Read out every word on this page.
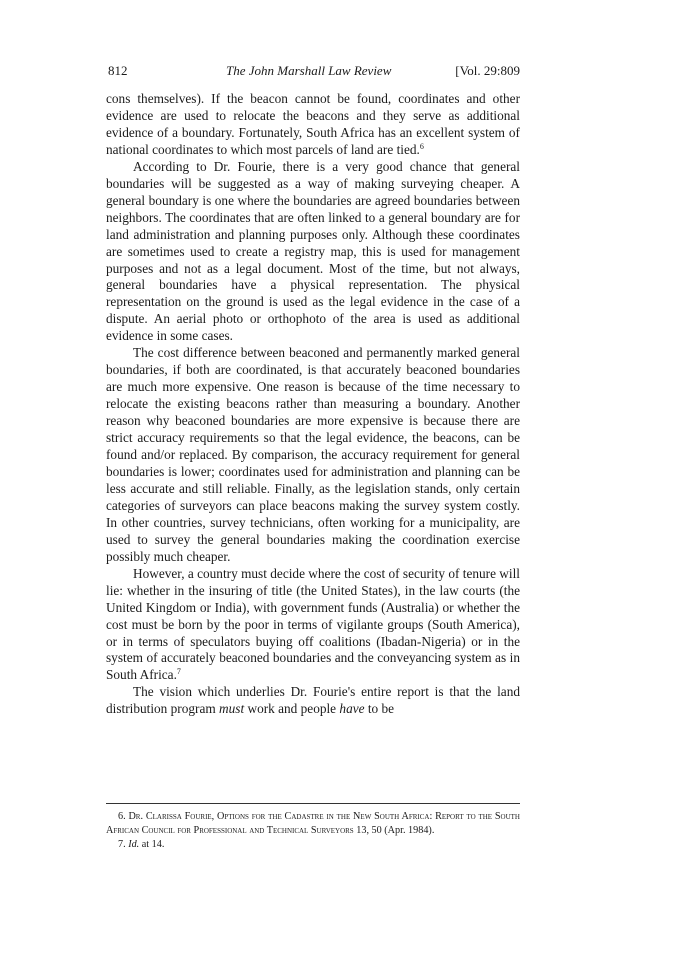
812	The John Marshall Law Review	[Vol. 29:809

cons themselves). If the beacon cannot be found, coordinates and other evidence are used to relocate the beacons and they serve as additional evidence of a boundary. Fortunately, South Africa has an excellent system of national coordinates to which most parcels of land are tied.$^6$

According to Dr. Fourie, there is a very good chance that general boundaries will be suggested as a way of making surveying cheaper. A general boundary is one where the boundaries are agreed boundaries between neighbors. The coordinates that are often linked to a general boundary are for land administration and planning purposes only. Although these coordinates are sometimes used to create a registry map, this is used for management purposes and not as a legal document. Most of the time, but not always, general boundaries have a physical representation. The physical representation on the ground is used as the legal evidence in the case of a dispute. An aerial photo or orthophoto of the area is used as additional evidence in some cases.

The cost difference between beaconed and permanently marked general boundaries, if both are coordinated, is that accurately beaconed boundaries are much more expensive. One reason is because of the time necessary to relocate the existing beacons rather than measuring a boundary. Another reason why beaconed boundaries are more expensive is because there are strict accuracy requirements so that the legal evidence, the beacons, can be found and/or replaced. By comparison, the accuracy requirement for general boundaries is lower; coordinates used for administration and planning can be less accurate and still reliable. Finally, as the legislation stands, only certain categories of surveyors can place beacons making the survey system costly. In other countries, survey technicians, often working for a municipality, are used to survey the general boundaries making the coordination exercise possibly much cheaper.

However, a country must decide where the cost of security of tenure will lie: whether in the insuring of title (the United States), in the law courts (the United Kingdom or India), with government funds (Australia) or whether the cost must be born by the poor in terms of vigilante groups (South America), or in terms of speculators buying off coalitions (Ibadan-Nigeria) or in the system of accurately beaconed boundaries and the conveyancing system as in South Africa.$^7$

The vision which underlies Dr. Fourie's entire report is that the land distribution program must work and people have to be

6. Dr. Clarissa Fourie, Options for the Cadastre in the New South Africa: Report to the South African Council for Professional and Technical Surveyors 13, 50 (Apr. 1984).

7. Id. at 14.
